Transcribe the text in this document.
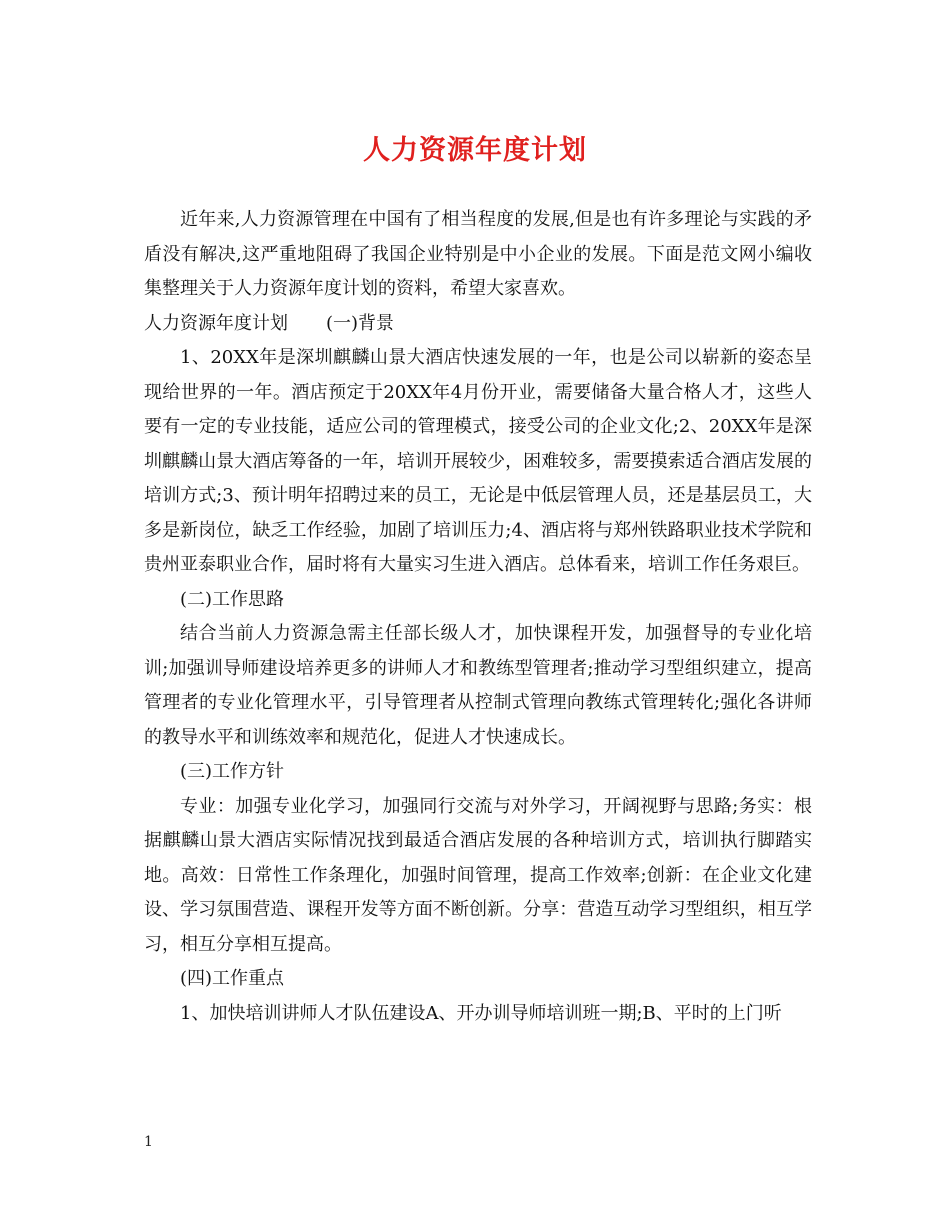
人力资源年度计划

近年来,人力资源管理在中国有了相当程度的发展,但是也有许多理论与实践的矛盾没有解决,这严重地阻碍了我国企业特别是中小企业的发展。下面是范文网小编收集整理关于人力资源年度计划的资料，希望大家喜欢。

人力资源年度计划 (一)背景

1、20XX年是深圳麒麟山景大酒店快速发展的一年，也是公司以崭新的姿态呈现给世界的一年。酒店预定于20XX年4月份开业，需要储备大量合格人才，这些人要有一定的专业技能，适应公司的管理模式，接受公司的企业文化;2、20XX年是深圳麒麟山景大酒店筹备的一年，培训开展较少，困难较多，需要摸索适合酒店发展的培训方式;3、预计明年招聘过来的员工，无论是中低层管理人员，还是基层员工，大多是新岗位，缺乏工作经验，加剧了培训压力;4、酒店将与郑州铁路职业技术学院和贵州亚泰职业合作，届时将有大量实习生进入酒店。总体看来，培训工作任务艰巨。

(二)工作思路

结合当前人力资源急需主任部长级人才，加快课程开发，加强督导的专业化培训;加强训导师建设培养更多的讲师人才和教练型管理者;推动学习型组织建立，提高管理者的专业化管理水平，引导管理者从控制式管理向教练式管理转化;强化各讲师的教导水平和训练效率和规范化，促进人才快速成长。

(三)工作方针

专业：加强专业化学习，加强同行交流与对外学习，开阔视野与思路;务实：根据麒麟山景大酒店实际情况找到最适合酒店发展的各种培训方式，培训执行脚踏实地。高效：日常性工作条理化，加强时间管理，提高工作效率;创新：在企业文化建设、学习氛围营造、课程开发等方面不断创新。分享：营造互动学习型组织，相互学习，相互分享相互提高。

(四)工作重点

1、加快培训讲师人才队伍建设A、开办训导师培训班一期;B、平时的上门听

1
